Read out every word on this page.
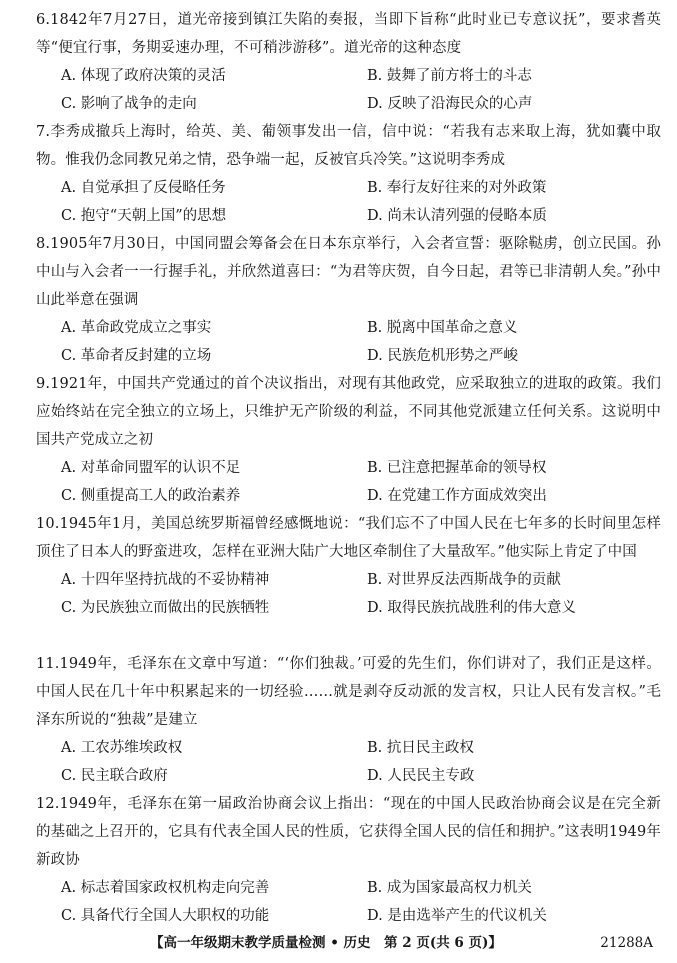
6.1842年7月27日，道光帝接到镇江失陷的奏报，当即下旨称“此时业已专意议抚”，要求耆英等“便宜行事，务期妥速办理，不可稍涉游移”。道光帝的这种态度
A. 体现了政府决策的灵活	B. 鼓舞了前方将士的斗志
C. 影响了战争的走向	D. 反映了沿海民众的心声
7.李秀成撤兵上海时，给英、美、葡领事发出一信，信中说：“若我有志来取上海，犹如囊中取物。惟我仍念同教兄弟之情，恐争端一起，反被官兵冷笑。”这说明李秀成
A. 自觉承担了反侵略任务	B. 奉行友好往来的对外政策
C. 抱守“天朝上国”的思想	D. 尚未认清列强的侵略本质
8.1905年7月30日，中国同盟会筹备会在日本东京举行，入会者宣誓：驱除鞑虏，创立民国。孙中山与入会者一一行握手礼，并欣然道喜曰：“为君等庆贺，自今日起，君等已非清朝人矣。”孙中山此举意在强调
A. 革命政党成立之事实	B. 脱离中国革命之意义
C. 革命者反封建的立场	D. 民族危机形势之严峻
9.1921年，中国共产党通过的首个决议指出，对现有其他政党，应采取独立的进取的政策。我们应始终站在完全独立的立场上，只维护无产阶级的利益，不同其他党派建立任何关系。这说明中国共产党成立之初
A. 对革命同盟军的认识不足	B. 已注意把握革命的领导权
C. 侧重提高工人的政治素养	D. 在党建工作方面成效突出
10.1945年1月，美国总统罗斯福曾经感慨地说：“我们忘不了中国人民在七年多的长时间里怎样顶住了日本人的野蛮进攻，怎样在亚洲大陆广大地区牵制住了大量敌军。”他实际上肯定了中国
A. 十四年坚持抗战的不妥协精神	B. 对世界反法西斯战争的贡献
C. 为民族独立而做出的民族牺牲	D. 取得民族抗战胜利的伟大意义
11.1949年，毛泽东在文章中写道：“‘你们独裁。’可爱的先生们，你们讲对了，我们正是这样。中国人民在几十年中积累起来的一切经验……就是剥夺反动派的发言权，只让人民有发言权。”毛泽东所说的“独裁”是建立
A. 工农苏维埃政权	B. 抗日民主政权
C. 民主联合政府	D. 人民民主专政
12.1949年，毛泽东在第一届政治协商会议上指出：“现在的中国人民政治协商会议是在完全新的基础之上召开的，它具有代表全国人民的性质，它获得全国人民的信任和拥护。”这表明1949年新政协
A. 标志着国家政权机构走向完善	B. 成为国家最高权力机关
C. 具备代行全国人大职权的功能	D. 是由选举产生的代议机关
【高一年级期末教学质量检测 • 历史　第 2 页(共 6 页)】	21288A
